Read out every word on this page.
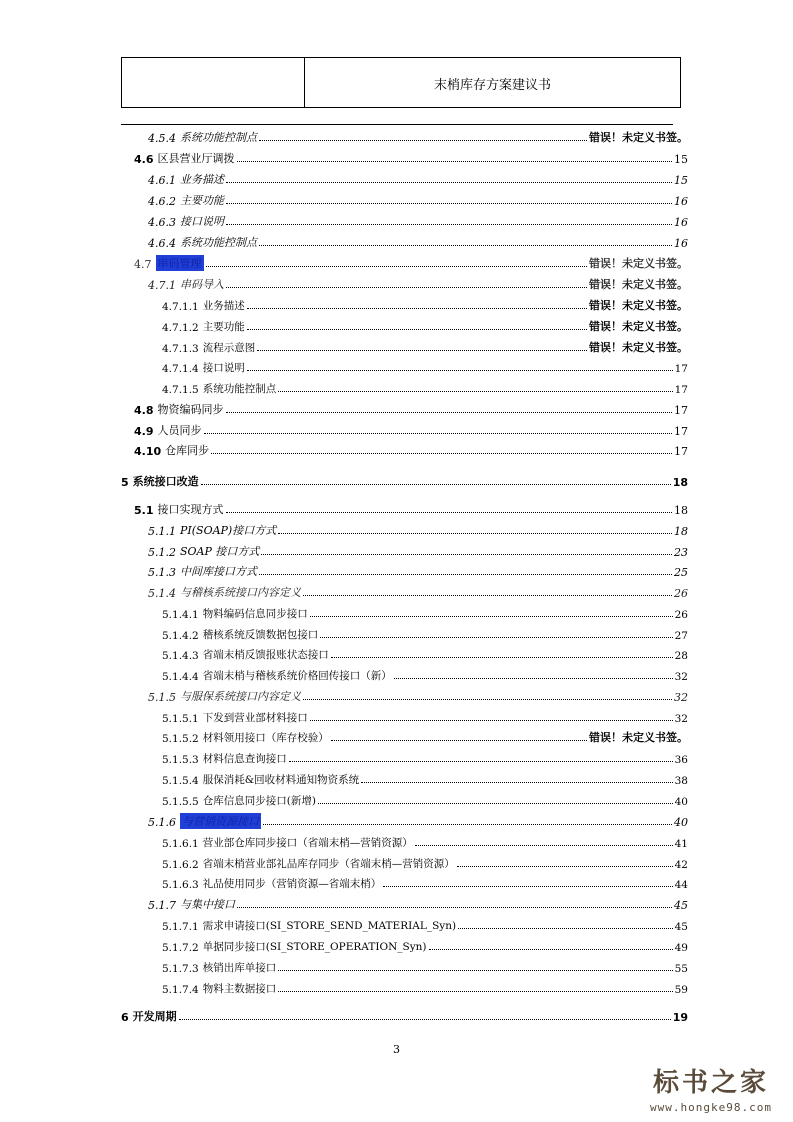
末梢库存方案建议书
4.5.4 系统功能控制点	错误！未定义书签。
4.6 区县营业厅调拨	15
4.6.1 业务描述	15
4.6.2 主要功能	16
4.6.3 接口说明	16
4.6.4 系统功能控制点	16
4.7 串码管理	错误！未定义书签。
4.7.1 串码导入	错误！未定义书签。
4.7.1.1 业务描述	错误！未定义书签。
4.7.1.2 主要功能	错误！未定义书签。
4.7.1.3 流程示意图	错误！未定义书签。
4.7.1.4 接口说明	17
4.7.1.5 系统功能控制点	17
4.8 物资编码同步	17
4.9 人员同步	17
4.10 仓库同步	17
5 系统接口改造	18
5.1 接口实现方式	18
5.1.1 PI(SOAP)接口方式	18
5.1.2 SOAP 接口方式	23
5.1.3 中间库接口方式	25
5.1.4 与稽核系统接口内容定义	26
5.1.4.1 物料编码信息同步接口	26
5.1.4.2 稽核系统反馈数据包接口	27
5.1.4.3 省端末梢反馈报账状态接口	28
5.1.4.4 省端末梢与稽核系统价格回传接口（新）	32
5.1.5 与服保系统接口内容定义	32
5.1.5.1 下发到营业部材料接口	32
5.1.5.2 材料领用接口（库存校验）	错误！未定义书签。
5.1.5.3 材料信息查询接口	36
5.1.5.4 服保消耗&回收材料通知物资系统	38
5.1.5.5 仓库信息同步接口(新增)	40
5.1.6 与营销资源接口	40
5.1.6.1 营业部仓库同步接口（省端末梢—营销资源）	41
5.1.6.2 省端末梢营业部礼品库存同步（省端末梢—营销资源）	42
5.1.6.3 礼品使用同步（营销资源—省端末梢）	44
5.1.7 与集中接口	45
5.1.7.1 需求申请接口(SI_STORE_SEND_MATERIAL_Syn)	45
5.1.7.2 单据同步接口(SI_STORE_OPERATION_Syn)	49
5.1.7.3 核销出库单接口	55
5.1.7.4 物料主数据接口	59
6 开发周期	19
3
标书之家
www.hongke98.com
